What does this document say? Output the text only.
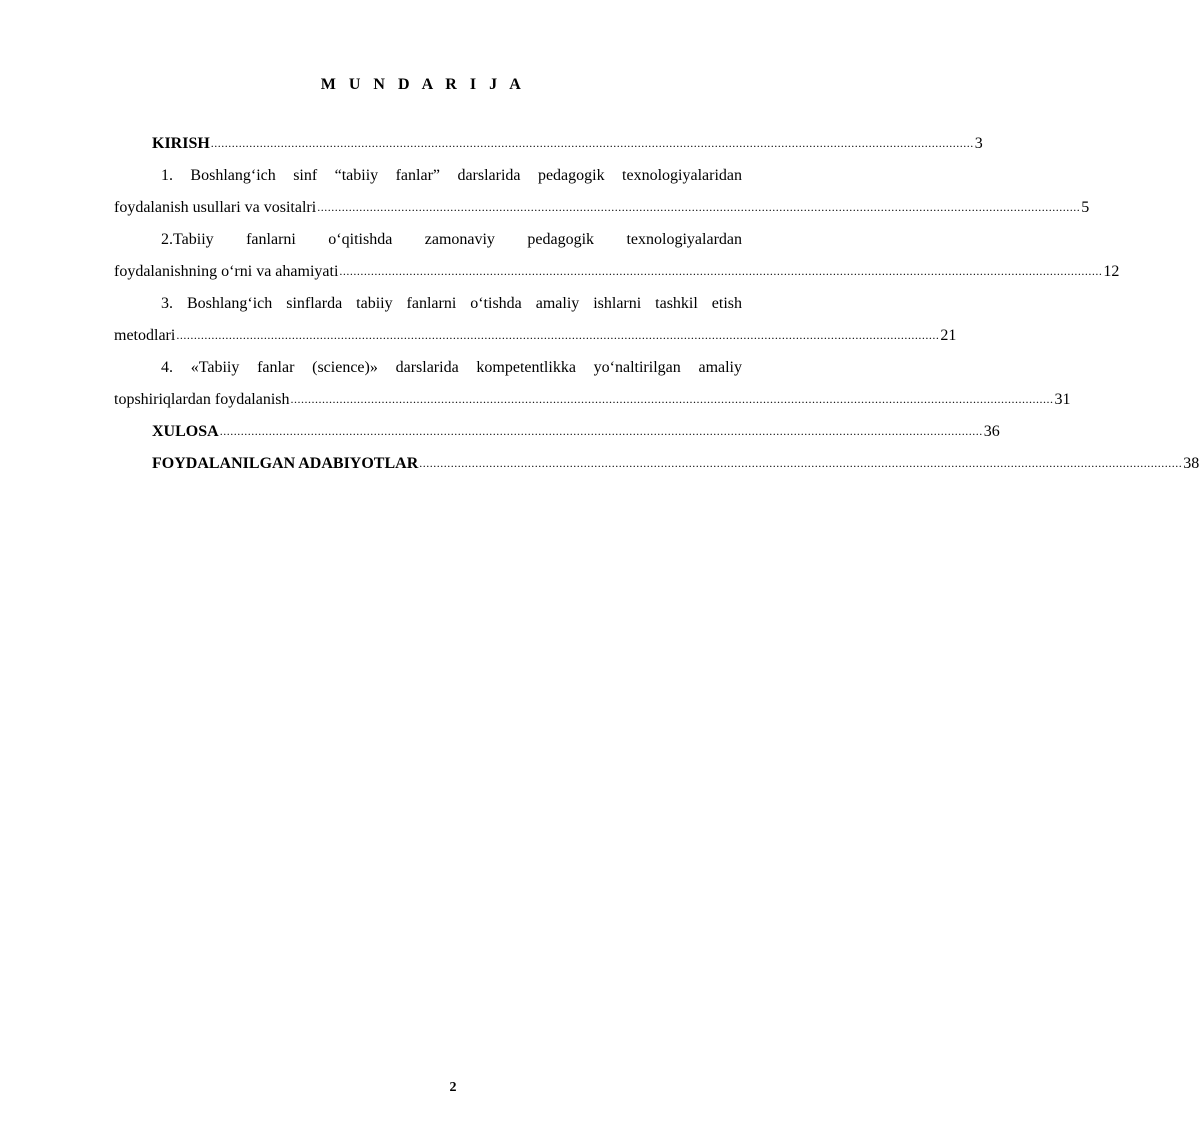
M U N D A R I J A
KIRISH .......................................................................................................................................................................................................................... 3
1. Boshlang‘ich sinf “tabiiy fanlar” darslarida pedagogik texnologiyalaridan
foydalanish usullari va vositalri .......................................................................................................................................................................................................................... 5
2.Tabiiy fanlarni o‘qitishda zamonaviy pedagogik texnologiyalardan
foydalanishning o‘rni va ahamiyati .......................................................................................................................................................................................................................... 12
3. Boshlang‘ich sinflarda tabiiy fanlarni o‘tishda amaliy ishlarni tashkil etish
metodlari .......................................................................................................................................................................................................................... 21
4. «Tabiiy fanlar (science)» darslarida kompetentlikka yo‘naltirilgan amaliy
topshiriqlardan foydalanish .......................................................................................................................................................................................................................... 31
XULOSA .......................................................................................................................................................................................................................... 36
FOYDALANILGAN ADABIYOTLAR .......................................................................................................................................................................................................................... 38
2
